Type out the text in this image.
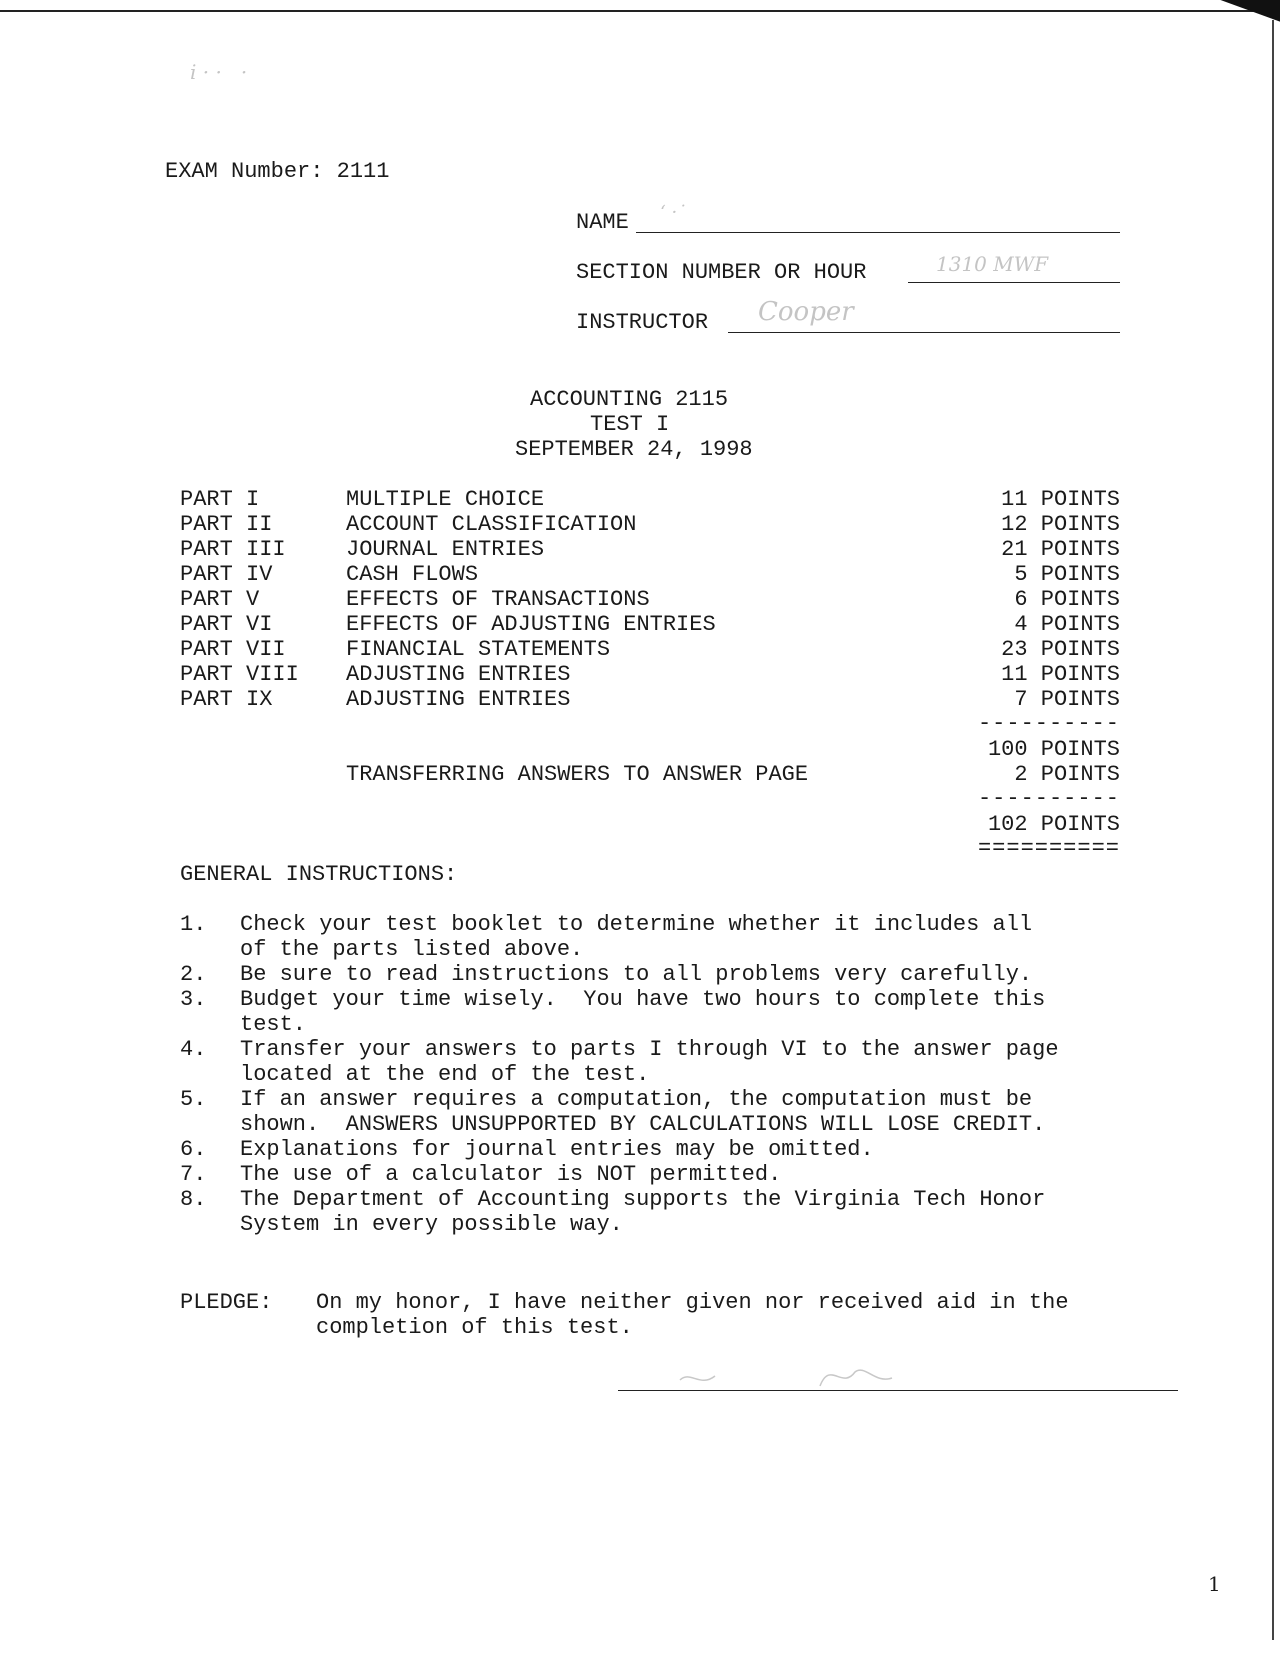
i · ·   ·
EXAM Number: 2111
NAME ‘ ·˙
SECTION NUMBER OR HOUR	1310 MWF
INSTRUCTOR Cooper
ACCOUNTING 2115
TEST I
SEPTEMBER 24, 1998
PART I	MULTIPLE CHOICE	11 POINTS
PART II	ACCOUNT CLASSIFICATION	12 POINTS
PART III	JOURNAL ENTRIES	21 POINTS
PART IV	CASH FLOWS	5 POINTS
PART V	EFFECTS OF TRANSACTIONS	6 POINTS
PART VI	EFFECTS OF ADJUSTING ENTRIES	4 POINTS
PART VII	FINANCIAL STATEMENTS	23 POINTS
PART VIII ADJUSTING ENTRIES	11 POINTS
PART IX	ADJUSTING ENTRIES	7 POINTS
----------
100 POINTS
TRANSFERRING ANSWERS TO ANSWER PAGE	2 POINTS
----------
102 POINTS
==========
GENERAL INSTRUCTIONS:
1. Check your test booklet to determine whether it includes all
of the parts listed above.
2. Be sure to read instructions to all problems very carefully.
3. Budget your time wisely.  You have two hours to complete this
test.
4. Transfer your answers to parts I through VI to the answer page
located at the end of the test.
5. If an answer requires a computation, the computation must be
shown.  ANSWERS UNSUPPORTED BY CALCULATIONS WILL LOSE CREDIT.
6. Explanations for journal entries may be omitted.
7. The use of a calculator is NOT permitted.
8. The Department of Accounting supports the Virginia Tech Honor
System in every possible way.
PLEDGE: On my honor, I have neither given nor received aid in the
completion of this test.
1
